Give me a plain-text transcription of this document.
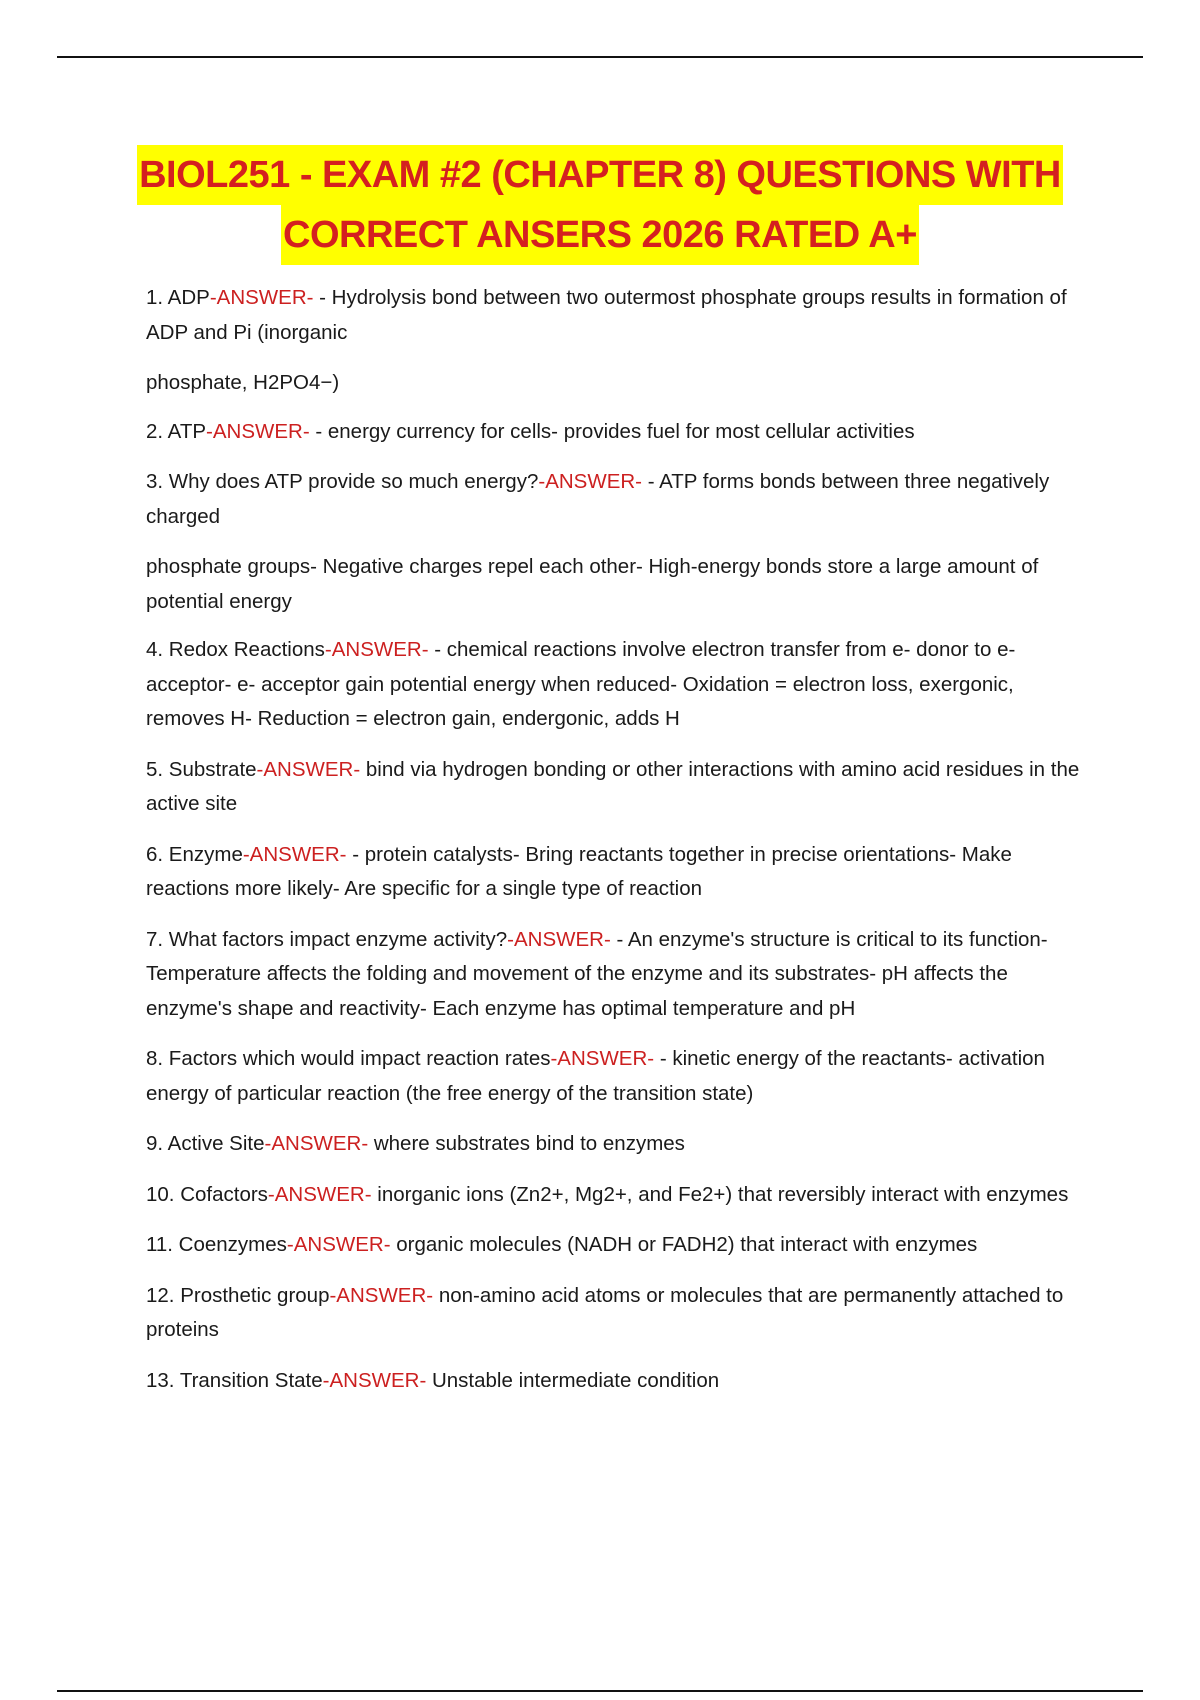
BIOL251 - EXAM #2 (CHAPTER 8) QUESTIONS WITH
CORRECT ANSERS 2026 RATED A+

1. ADP-ANSWER- - Hydrolysis bond between two outermost phosphate groups results in formation of ADP and Pi (inorganic

phosphate, H2PO4−)

2. ATP-ANSWER- - energy currency for cells- provides fuel for most cellular activities

3. Why does ATP provide so much energy?-ANSWER- - ATP forms bonds between three negatively charged

phosphate groups- Negative charges repel each other- High-energy bonds store a large amount of potential energy

4. Redox Reactions-ANSWER- - chemical reactions involve electron transfer from e- donor to e- acceptor- e- acceptor gain potential energy when reduced- Oxidation = electron loss, exergonic, removes H- Reduction = electron gain, endergonic, adds H

5. Substrate-ANSWER- bind via hydrogen bonding or other interactions with amino acid residues in the active site

6. Enzyme-ANSWER- - protein catalysts- Bring reactants together in precise orientations- Make reactions more likely- Are specific for a single type of reaction

7. What factors impact enzyme activity?-ANSWER- - An enzyme's structure is critical to its function- Temperature affects the folding and movement of the enzyme and its substrates- pH affects the enzyme's shape and reactivity- Each enzyme has optimal temperature and pH

8. Factors which would impact reaction rates-ANSWER- - kinetic energy of the reactants- activation energy of particular reaction (the free energy of the transition state)

9. Active Site-ANSWER- where substrates bind to enzymes

10. Cofactors-ANSWER- inorganic ions (Zn2+, Mg2+, and Fe2+) that reversibly interact with enzymes

11. Coenzymes-ANSWER- organic molecules (NADH or FADH2) that interact with enzymes

12. Prosthetic group-ANSWER- non-amino acid atoms or molecules that are permanently attached to proteins

13. Transition State-ANSWER- Unstable intermediate condition
